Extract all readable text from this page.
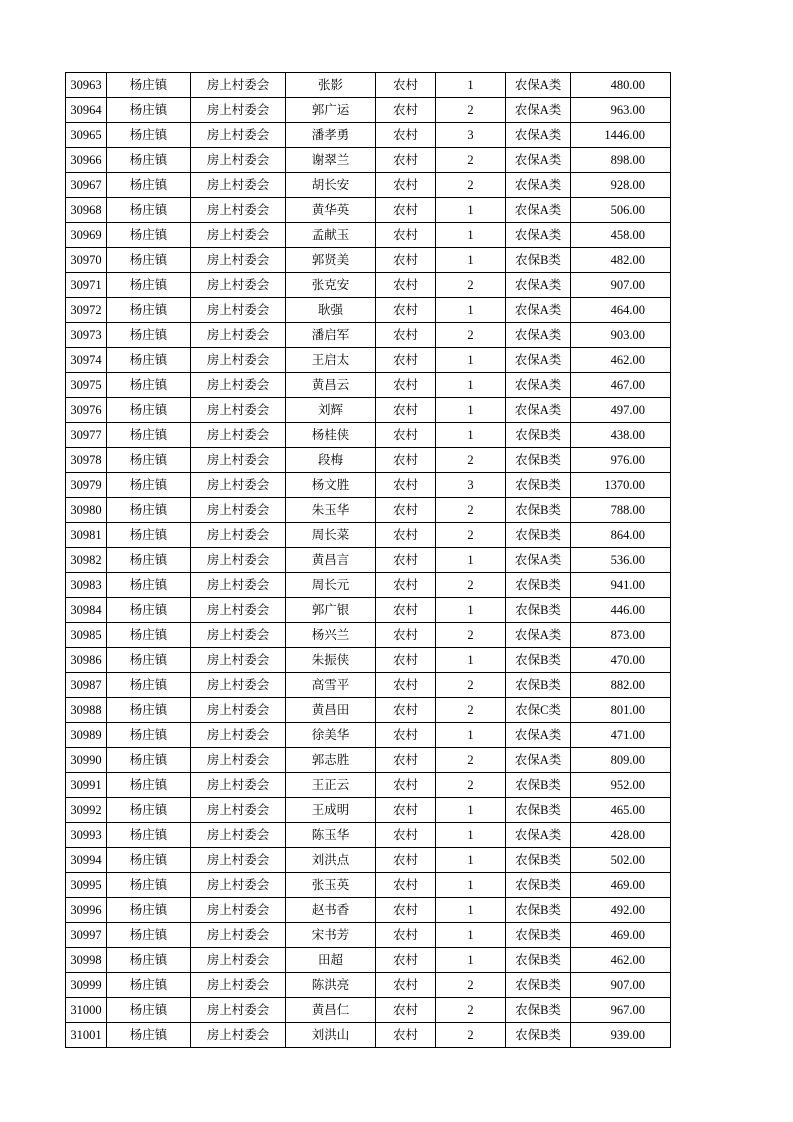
30963	杨庄镇	房上村委会	张影	农村	1	农保A类	480.00
30964	杨庄镇	房上村委会	郭广运	农村	2	农保A类	963.00
30965	杨庄镇	房上村委会	潘孝勇	农村	3	农保A类	1446.00
30966	杨庄镇	房上村委会	谢翠兰	农村	2	农保A类	898.00
30967	杨庄镇	房上村委会	胡长安	农村	2	农保A类	928.00
30968	杨庄镇	房上村委会	黄华英	农村	1	农保A类	506.00
30969	杨庄镇	房上村委会	孟献玉	农村	1	农保A类	458.00
30970	杨庄镇	房上村委会	郭贤美	农村	1	农保B类	482.00
30971	杨庄镇	房上村委会	张克安	农村	2	农保A类	907.00
30972	杨庄镇	房上村委会	耿强	农村	1	农保A类	464.00
30973	杨庄镇	房上村委会	潘启军	农村	2	农保A类	903.00
30974	杨庄镇	房上村委会	王启太	农村	1	农保A类	462.00
30975	杨庄镇	房上村委会	黄昌云	农村	1	农保A类	467.00
30976	杨庄镇	房上村委会	刘辉	农村	1	农保A类	497.00
30977	杨庄镇	房上村委会	杨桂侠	农村	1	农保B类	438.00
30978	杨庄镇	房上村委会	段梅	农村	2	农保B类	976.00
30979	杨庄镇	房上村委会	杨文胜	农村	3	农保B类	1370.00
30980	杨庄镇	房上村委会	朱玉华	农村	2	农保B类	788.00
30981	杨庄镇	房上村委会	周长菜	农村	2	农保B类	864.00
30982	杨庄镇	房上村委会	黄昌言	农村	1	农保A类	536.00
30983	杨庄镇	房上村委会	周长元	农村	2	农保B类	941.00
30984	杨庄镇	房上村委会	郭广银	农村	1	农保B类	446.00
30985	杨庄镇	房上村委会	杨兴兰	农村	2	农保A类	873.00
30986	杨庄镇	房上村委会	朱振侠	农村	1	农保B类	470.00
30987	杨庄镇	房上村委会	高雪平	农村	2	农保B类	882.00
30988	杨庄镇	房上村委会	黄昌田	农村	2	农保C类	801.00
30989	杨庄镇	房上村委会	徐美华	农村	1	农保A类	471.00
30990	杨庄镇	房上村委会	郭志胜	农村	2	农保A类	809.00
30991	杨庄镇	房上村委会	王正云	农村	2	农保B类	952.00
30992	杨庄镇	房上村委会	王成明	农村	1	农保B类	465.00
30993	杨庄镇	房上村委会	陈玉华	农村	1	农保A类	428.00
30994	杨庄镇	房上村委会	刘洪点	农村	1	农保B类	502.00
30995	杨庄镇	房上村委会	张玉英	农村	1	农保B类	469.00
30996	杨庄镇	房上村委会	赵书香	农村	1	农保B类	492.00
30997	杨庄镇	房上村委会	宋书芳	农村	1	农保B类	469.00
30998	杨庄镇	房上村委会	田超	农村	1	农保B类	462.00
30999	杨庄镇	房上村委会	陈洪亮	农村	2	农保B类	907.00
31000	杨庄镇	房上村委会	黄昌仁	农村	2	农保B类	967.00
31001	杨庄镇	房上村委会	刘洪山	农村	2	农保B类	939.00
